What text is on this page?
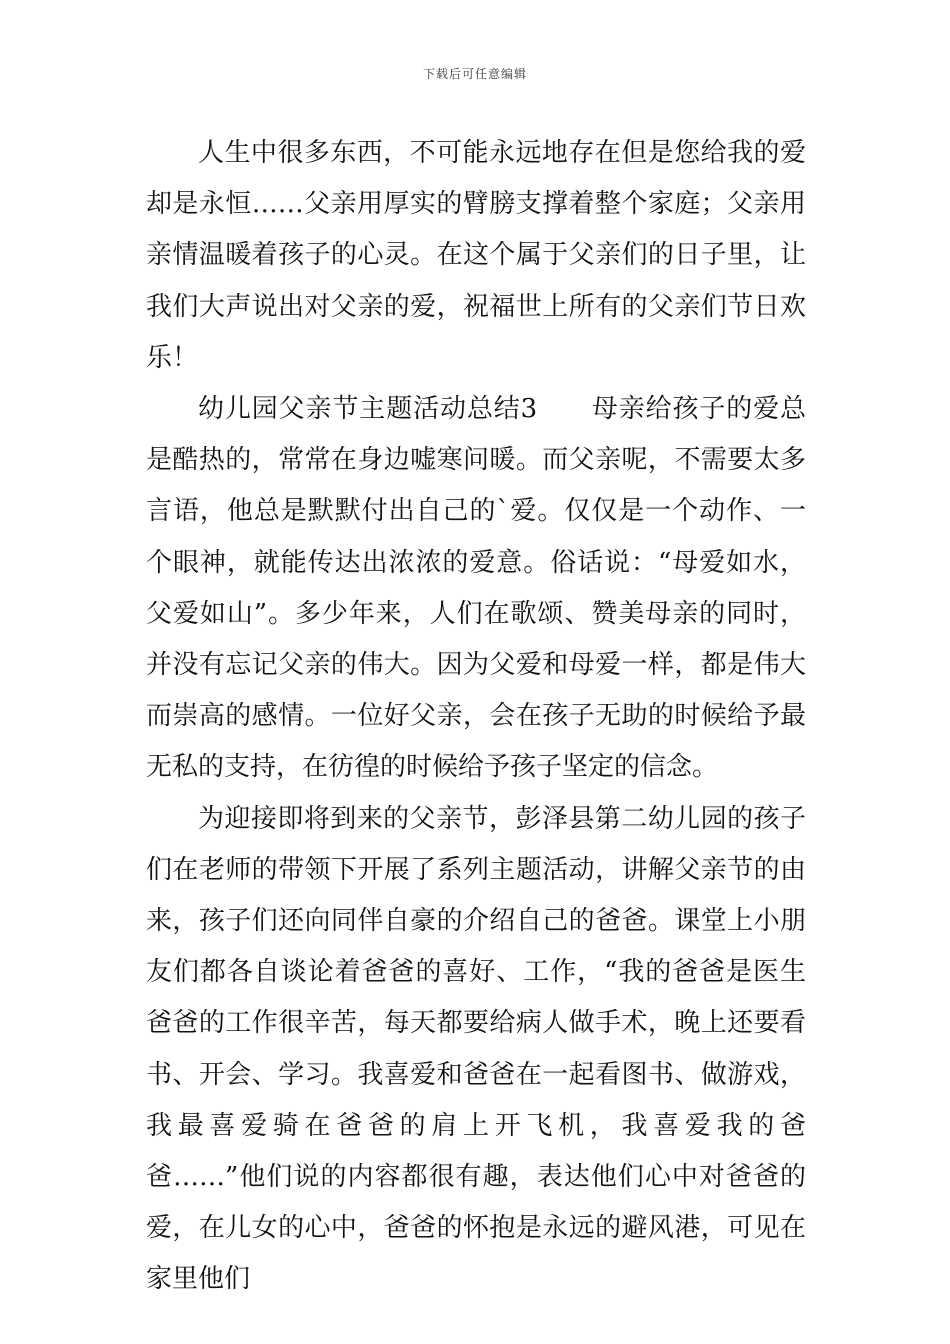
下载后可任意编辑

人生中很多东西，不可能永远地存在但是您给我的爱却是永恒……父亲用厚实的臂膀支撑着整个家庭；父亲用亲情温暖着孩子的心灵。在这个属于父亲们的日子里，让我们大声说出对父亲的爱，祝福世上所有的父亲们节日欢乐！

幼儿园父亲节主题活动总结3　　母亲给孩子的爱总是酷热的，常常在身边嘘寒问暖。而父亲呢，不需要太多言语，他总是默默付出自己的`爱。仅仅是一个动作、一个眼神，就能传达出浓浓的爱意。俗话说：“母爱如水，父爱如山”。多少年来，人们在歌颂、赞美母亲的同时，并没有忘记父亲的伟大。因为父爱和母爱一样，都是伟大而崇高的感情。一位好父亲，会在孩子无助的时候给予最无私的支持，在彷徨的时候给予孩子坚定的信念。

为迎接即将到来的父亲节，彭泽县第二幼儿园的孩子们在老师的带领下开展了系列主题活动，讲解父亲节的由来，孩子们还向同伴自豪的介绍自己的爸爸。课堂上小朋友们都各自谈论着爸爸的喜好、工作，“我的爸爸是医生爸爸的工作很辛苦，每天都要给病人做手术，晚上还要看书、开会、学习。我喜爱和爸爸在一起看图书、做游戏，我最喜爱骑在爸爸的肩上开飞机，我喜爱我的爸爸……”他们说的内容都很有趣，表达他们心中对爸爸的爱，在儿女的心中，爸爸的怀抱是永远的避风港，可见在家里他们
